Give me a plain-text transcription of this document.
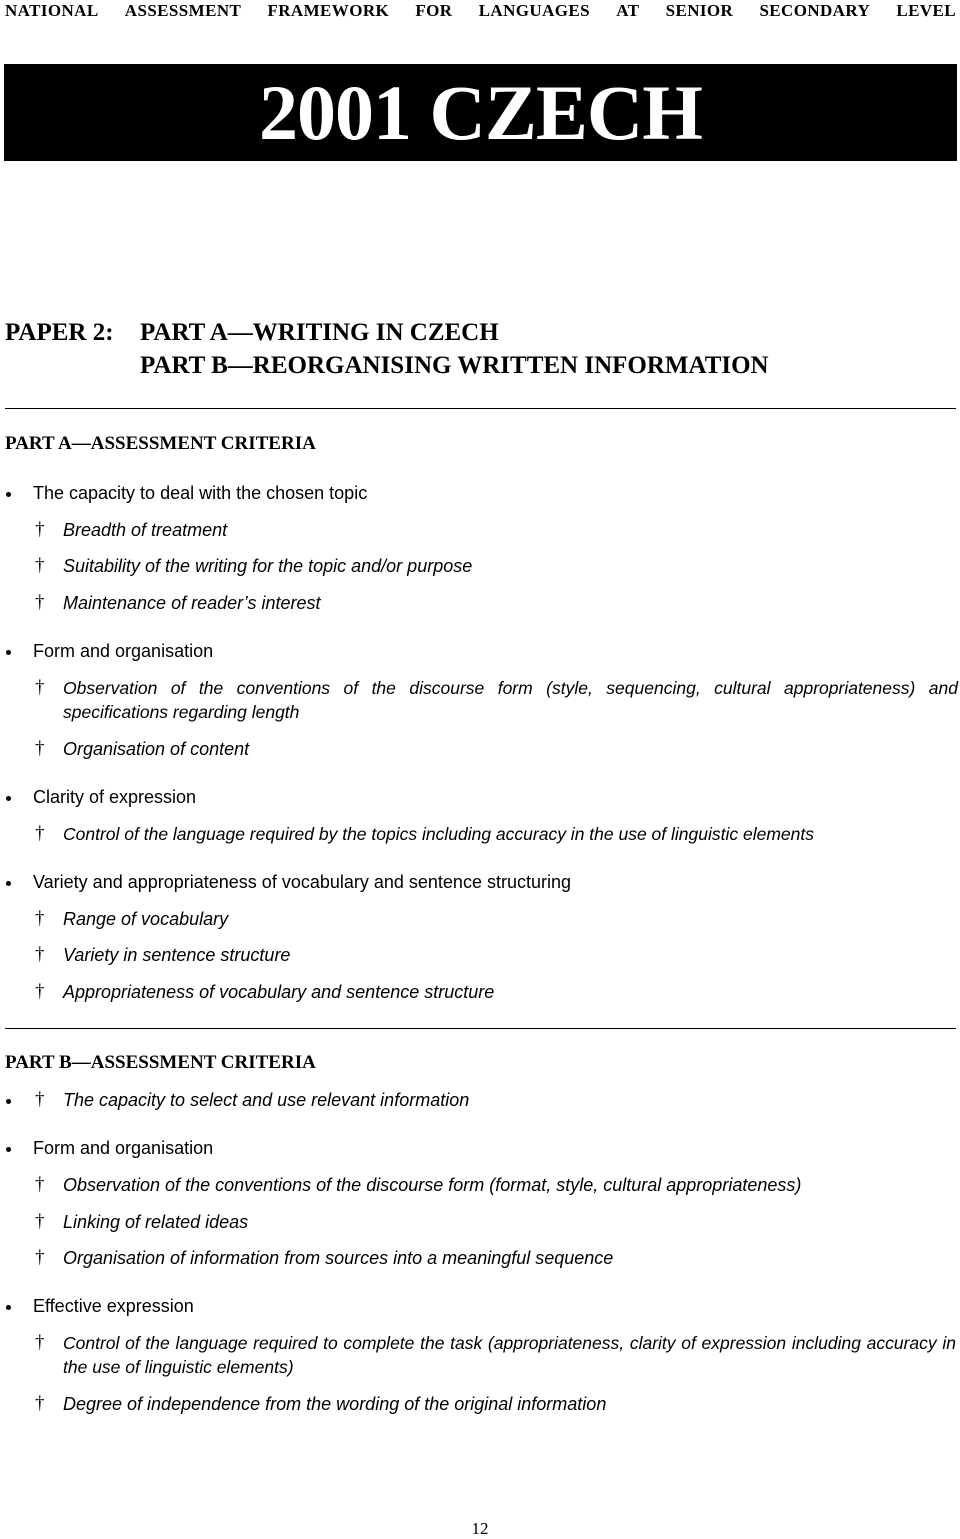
NATIONAL ASSESSMENT FRAMEWORK FOR LANGUAGES AT SENIOR SECONDARY LEVEL
2001 CZECH
PAPER 2: PART A—WRITING IN CZECH
PART B—REORGANISING WRITTEN INFORMATION
PART A—ASSESSMENT CRITERIA
The capacity to deal with the chosen topic
† Breadth of treatment
† Suitability of the writing for the topic and/or purpose
† Maintenance of reader’s interest
Form and organisation
† Observation of the conventions of the discourse form (style, sequencing, cultural appropriateness) and specifications regarding length
† Organisation of content
Clarity of expression
† Control of the language required by the topics including accuracy in the use of linguistic elements
Variety and appropriateness of vocabulary and sentence structuring
† Range of vocabulary
† Variety in sentence structure
† Appropriateness of vocabulary and sentence structure
PART B—ASSESSMENT CRITERIA
† The capacity to select and use relevant information
Form and organisation
† Observation of the conventions of the discourse form (format, style, cultural appropriateness)
† Linking of related ideas
† Organisation of information from sources into a meaningful sequence
Effective expression
† Control of the language required to complete the task (appropriateness, clarity of expression including accuracy in the use of linguistic elements)
† Degree of independence from the wording of the original information
12
